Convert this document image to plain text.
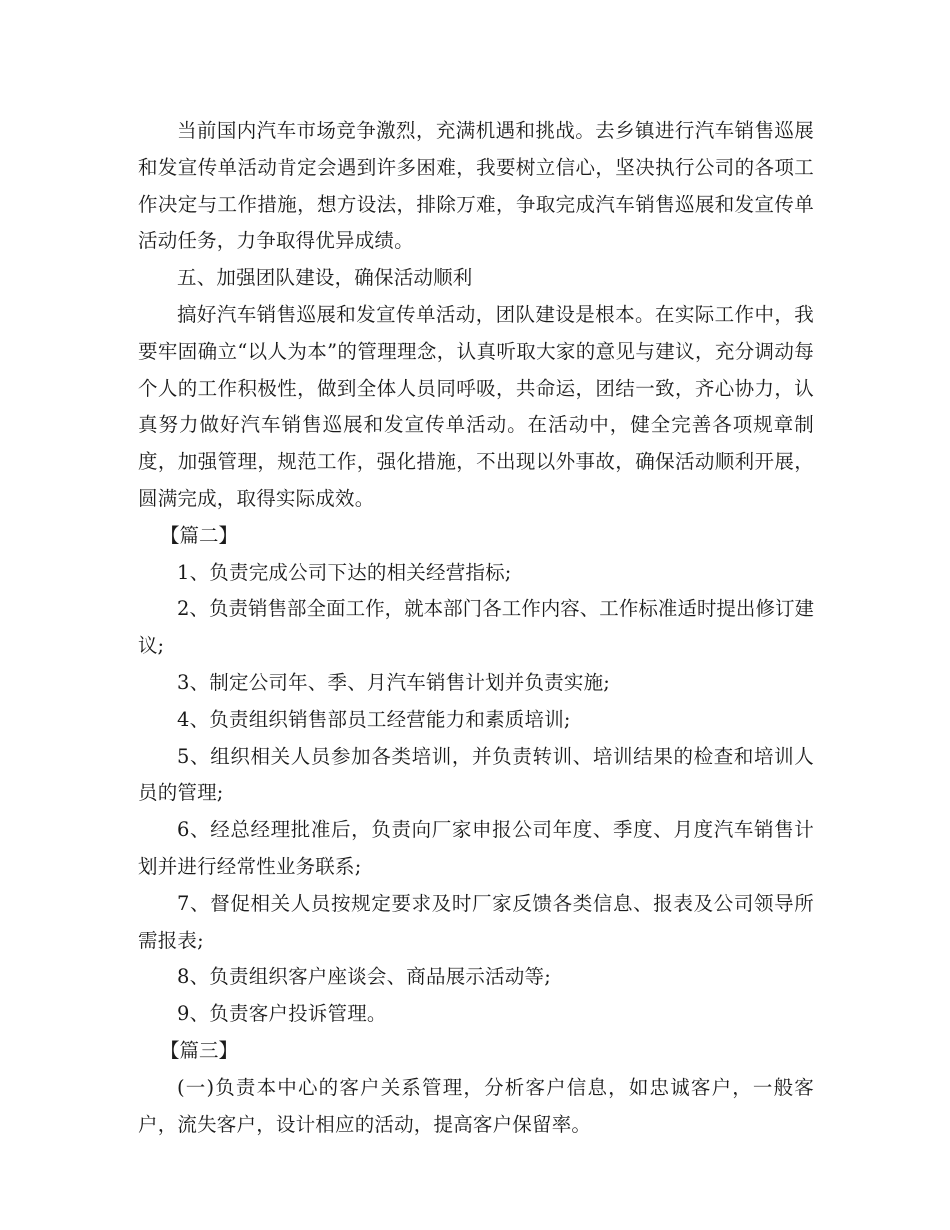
当前国内汽车市场竞争激烈，充满机遇和挑战。去乡镇进行汽车销售巡展和发宣传单活动肯定会遇到许多困难，我要树立信心，坚决执行公司的各项工作决定与工作措施，想方设法，排除万难，争取完成汽车销售巡展和发宣传单活动任务，力争取得优异成绩。

五、加强团队建设，确保活动顺利

搞好汽车销售巡展和发宣传单活动，团队建设是根本。在实际工作中，我要牢固确立“以人为本”的管理理念，认真听取大家的意见与建议，充分调动每个人的工作积极性，做到全体人员同呼吸，共命运，团结一致，齐心协力，认真努力做好汽车销售巡展和发宣传单活动。在活动中，健全完善各项规章制度，加强管理，规范工作，强化措施，不出现以外事故，确保活动顺利开展，圆满完成，取得实际成效。

【篇二】

1、负责完成公司下达的相关经营指标;

2、负责销售部全面工作，就本部门各工作内容、工作标准适时提出修订建议;

3、制定公司年、季、月汽车销售计划并负责实施;

4、负责组织销售部员工经营能力和素质培训;

5、组织相关人员参加各类培训，并负责转训、培训结果的检查和培训人员的管理;

6、经总经理批准后，负责向厂家申报公司年度、季度、月度汽车销售计划并进行经常性业务联系;

7、督促相关人员按规定要求及时厂家反馈各类信息、报表及公司领导所需报表;

8、负责组织客户座谈会、商品展示活动等;

9、负责客户投诉管理。

【篇三】

(一)负责本中心的客户关系管理，分析客户信息，如忠诚客户，一般客户，流失客户，设计相应的活动，提高客户保留率。
